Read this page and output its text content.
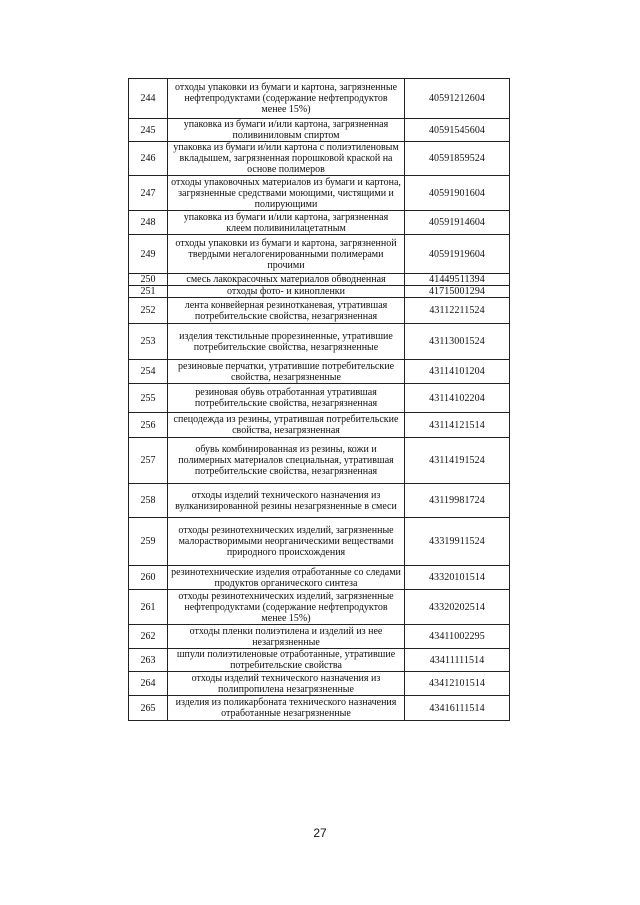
244	отходы упаковки из бумаги и картона, загрязненные нефтепродуктами (содержание нефтепродуктов менее 15%)	40591212604
245	упаковка из бумаги и/или картона, загрязненная поливиниловым спиртом	40591545604
246	упаковка из бумаги и/или картона с полиэтиленовым вкладышем, загрязненная порошковой краской на основе полимеров	40591859524
247	отходы упаковочных материалов из бумаги и картона, загрязненные средствами моющими, чистящими и полирующими	40591901604
248	упаковка из бумаги и/или картона, загрязненная клеем поливинилацетатным	40591914604
249	отходы упаковки из бумаги и картона, загрязненной твердыми негалогенированными полимерами прочими	40591919604
250	смесь лакокрасочных материалов обводненная	41449511394
251	отходы фото- и кинопленки	41715001294
252	лента конвейерная резинотканевая, утратившая потребительские свойства, незагрязненная	43112211524
253	изделия текстильные прорезиненные, утратившие потребительские свойства, незагрязненные	43113001524
254	резиновые перчатки, утратившие потребительские свойства, незагрязненные	43114101204
255	резиновая обувь отработанная утратившая потребительские свойства, незагрязненная	43114102204
256	спецодежда из резины, утратившая потребительские свойства, незагрязненная	43114121514
257	обувь комбинированная из резины, кожи и полимерных материалов специальная, утратившая потребительские свойства, незагрязненная	43114191524
258	отходы изделий технического назначения из вулканизированной резины незагрязненные в смеси	43119981724
259	отходы резинотехнических изделий, загрязненные малорастворимыми неорганическими веществами природного происхождения	43319911524
260	резинотехнические изделия отработанные со следами продуктов органического синтеза	43320101514
261	отходы резинотехнических изделий, загрязненные нефтепродуктами (содержание нефтепродуктов менее 15%)	43320202514
262	отходы пленки полиэтилена и изделий из нее незагрязненные	43411002295
263	шпули полиэтиленовые отработанные, утратившие потребительские свойства	43411111514
264	отходы изделий технического назначения из полипропилена незагрязненные	43412101514
265	изделия из поликарбоната технического назначения отработанные незагрязненные	43416111514
27
